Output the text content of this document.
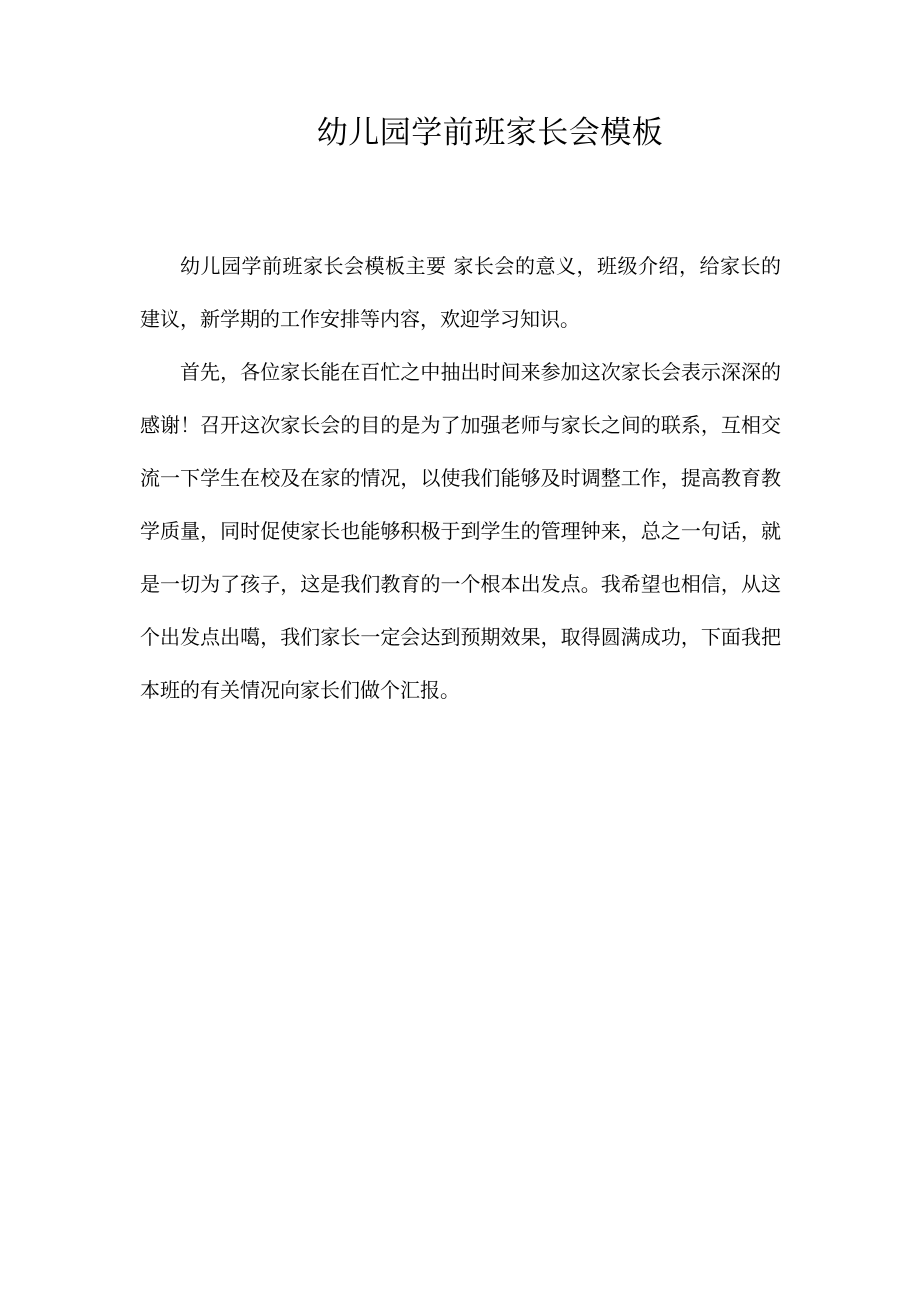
幼儿园学前班家长会模板

幼儿园学前班家长会模板主要 家长会的意义，班级介绍，给家长的建议，新学期的工作安排等内容，欢迎学习知识。

首先，各位家长能在百忙之中抽出时间来参加这次家长会表示深深的感谢！召开这次家长会的目的是为了加强老师与家长之间的联系，互相交流一下学生在校及在家的情况，以使我们能够及时调整工作，提高教育教学质量，同时促使家长也能够积极于到学生的管理钟来，总之一句话，就是一切为了孩子，这是我们教育的一个根本出发点。我希望也相信，从这个出发点出噶，我们家长一定会达到预期效果，取得圆满成功，下面我把本班的有关情况向家长们做个汇报。
